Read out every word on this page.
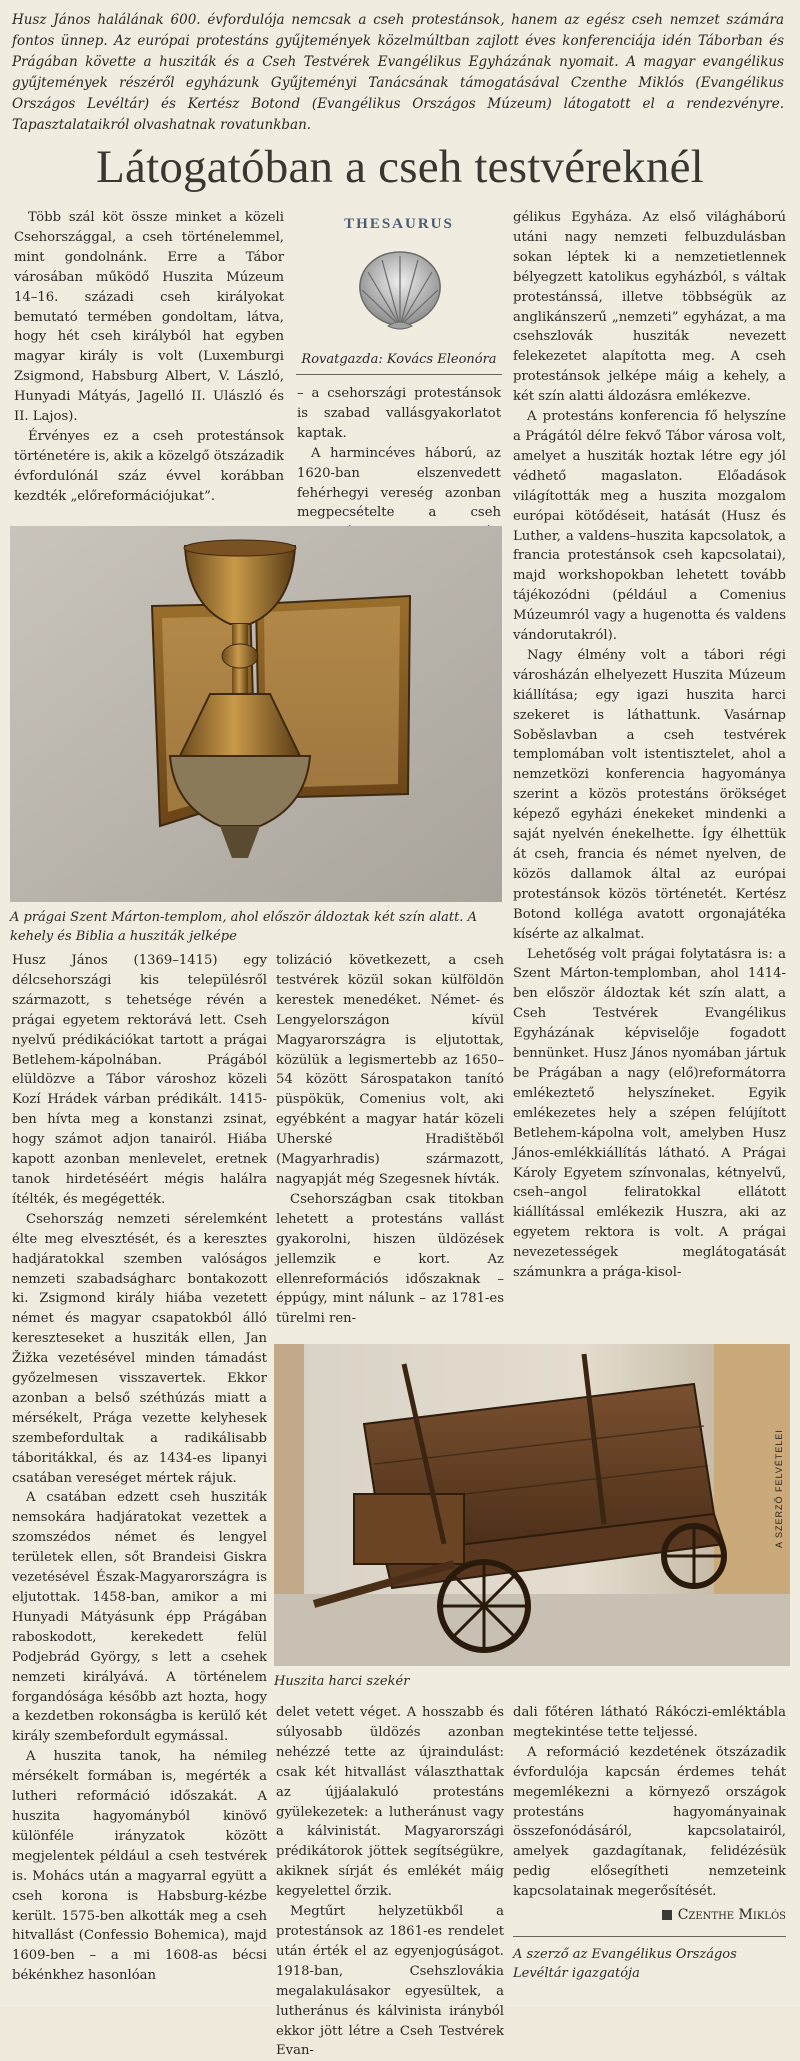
Husz János halálának 600. évfordulója nemcsak a cseh protestánsok, hanem az egész cseh nemzet számára fontos ünnep. Az európai protestáns gyűjtemények közelmúltban zajlott éves konferenciája idén Táborban és Prágában követte a husziták és a Cseh Testvérek Evangélikus Egyházának nyomait. A magyar evangélikus gyűjtemények részéről egyházunk Gyűjteményi Tanácsának támogatásával Czenthe Miklós (Evangélikus Országos Levéltár) és Kertész Botond (Evangélikus Országos Múzeum) látogatott el a rendezvényre. Tapasztalataikról olvashatnak rovatunkban.

Látogatóban a cseh testvéreknél

Több szál köt össze minket a közeli Csehországgal, a cseh történelemmel, mint gondolnánk. Erre a Tábor városában működő Huszita Múzeum 14–16. századi cseh királyokat bemutató termében gondoltam, látva, hogy hét cseh királyból hat egyben magyar király is volt (Luxemburgi Zsigmond, Habsburg Albert, V. László, Hunyadi Mátyás, Jagelló II. Ulászló és II. Lajos).

Érvényes ez a cseh protestánsok történetére is, akik a közelgő ötszázadik évfordulónál száz évvel korábban kezdték „előreformációjukat”.

THESAURUS
Rovatgazda: Kovács Eleonóra

– a csehországi protestánsok is szabad vallásgyakorlatot kaptak.

A harmincéves háború, az 1620-ban elszenvedett fehérhegyi vereség azonban megpecsételte a cseh

gélikus Egyháza. Az első világháború utáni nagy nemzeti felbuzdulásban sokan léptek ki a nemzetietlennek bélyegzett katolikus egyházból, s váltak protestánssá, illetve többségük az anglikánszerű „nemzeti” egyházat, a ma csehszlovák husziták nevezett felekezetet alapította meg. A cseh protestánsok jelképe máig a kehely, a két szín alatti áldozásra emlékezve.

A protestáns konferencia fő helyszíne a Prágától délre fekvő Tábor városa volt, amelyet a husziták hoztak létre egy jól védhető magaslaton. Előadások világították meg a huszita mozgalom európai kötődéseit, hatását (Husz és Luther, a valdens–huszita kapcsolatok, a francia protestánsok cseh kapcsolatai), majd workshopokban lehetett tovább tájékozódni (például a Comenius Múzeumról vagy a hugenotta és valdens vándorutakról).

Nagy élmény volt a tábori régi városházán elhelyezett Huszita Múzeum kiállítása; egy igazi huszita harci szekeret is láthattunk. Vasárnap Soběslavban a cseh testvérek templomában volt istentisztelet, ahol a nemzetközi konferencia hagyománya szerint a közös protestáns örökséget képező egyházi énekeket mindenki a saját nyelvén énekelhette. Így élhettük át cseh, francia és német nyelven, de közös dallamok által az európai protestánsok közös történetét. Kertész Botond kolléga avatott orgonajátéka kísérte az alkalmat.

Lehetőség volt prágai folytatásra is: a Szent Márton-templomban, ahol 1414-ben először áldoztak két szín alatt, a Cseh Testvérek Evangélikus Egyházának képviselője fogadott bennünket. Husz János nyomában jártuk be Prágában a nagy (elő)reformátorra emlékeztető helyszíneket. Egyik emlékezetes hely a szépen felújított Betlehem-kápolna volt, amelyben Husz János-emlékkiállítás látható. A Prágai Károly Egyetem színvonalas, kétnyelvű, cseh–angol feliratokkal ellátott kiállítással emlékezik Huszra, aki az egyetem rektora is volt. A prágai nevezetességek meglátogatását számunkra a prága-kisol-

A prágai Szent Márton-templom, ahol először áldoztak két szín alatt. A kehely és Biblia a husziták jelképe

Husz János (1369–1415) egy délcsehországi kis településről származott, s tehetsége révén a prágai egyetem rektorává lett. Cseh nyelvű prédikációkat tartott a prágai Betlehem-kápolnában. Prágából elüldözve a Tábor városhoz közeli Kozí Hrádek várban prédikált. 1415-ben hívta meg a konstanzi zsinat, hogy számot adjon tanairól. Hiába kapott azonban menlevelet, eretnek tanok hirdetéséért mégis halálra ítélték, és megégették.

Csehország nemzeti sérelemként élte meg elvesztését, és a keresztes hadjáratokkal szemben valóságos nemzeti szabadságharc bontakozott ki. Zsigmond király hiába vezetett német és magyar csapatokból álló kereszteseket a husziták ellen, Jan Žižka vezetésével minden támadást győzelmesen visszavertek. Ekkor azonban a belső széthúzás miatt a mérsékelt, Prága vezette kelyhesek szembefordultak a radikálisabb táboritákkal, és az 1434-es lipanyi csatában vereséget mértek rájuk.

A csatában edzett cseh husziták nemsokára hadjáratokat vezettek a szomszédos német és lengyel területek ellen, sőt Brandeisi Giskra vezetésével Észak-Magyarországra is eljutottak. 1458-ban, amikor a mi Hunyadi Mátyásunk épp Prágában raboskodott, kerekedett felül Podjebrád György, s lett a csehek nemzeti királyává. A történelem forgandósága később azt hozta, hogy a kezdetben rokonságba is kerülő két király szembefordult egymással.

A huszita tanok, ha némileg mérsékelt formában is, megérték a lutheri reformáció időszakát. A huszita hagyományból kinövő különféle irányzatok között megjelentek például a cseh testvérek is. Mohács után a magyarral együtt a cseh korona is Habsburg-kézbe került. 1575-ben alkották meg a cseh hitvallást (Confessio Bohemica), majd 1609-ben – a mi 1608-as bécsi békénkhez hasonlóan

tolizáció következett, a cseh testvérek közül sokan külföldön kerestek menedéket. Német- és Lengyelországon kívül Magyarországra is eljutottak, közülük a legismertebb az 1650–54 között Sárospatakon tanító püspökük, Comenius volt, aki egyébként a magyar határ közeli Uherské Hradištěből (Magyarhradis) származott, nagyapját még Szegesnek hívták.

Csehországban csak titokban lehetett a protestáns vallást gyakorolni, hiszen üldözések jellemzik e kort. Az ellenreformációs időszaknak – éppúgy, mint nálunk – az 1781-es türelmi ren-

A SZERZŐ FELVÉTELEI

Huszita harci szekér

delet vetett véget. A hosszabb és súlyosabb üldözés azonban nehézzé tette az újraindulást: csak két hitvallást választhattak az újjáalakuló protestáns gyülekezetek: a lutheránust vagy a kálvinistát. Magyarországi prédikátorok jöttek segítségükre, akiknek sírját és emlékét máig kegyelettel őrzik.

Megtűrt helyzetükből a protestánsok az 1861-es rendelet után érték el az egyenjogúságot. 1918-ban, Csehszlovákia megalakulásakor egyesültek, a lutheránus és kálvinista irányból ekkor jött létre a Cseh Testvérek Evan-

dali főtéren látható Rákóczi-emléktábla megtekintése tette teljessé.

A reformáció kezdetének ötszázadik évfordulója kapcsán érdemes tehát megemlékezni a környező országok protestáns hagyományainak összefonódásáról, kapcsolatairól, amelyek gazdagítanak, felidézésük pedig elősegítheti nemzeteink kapcsolatainak megerősítését.

Czenthe Miklós

A szerző az Evangélikus Országos Levéltár igazgatója
